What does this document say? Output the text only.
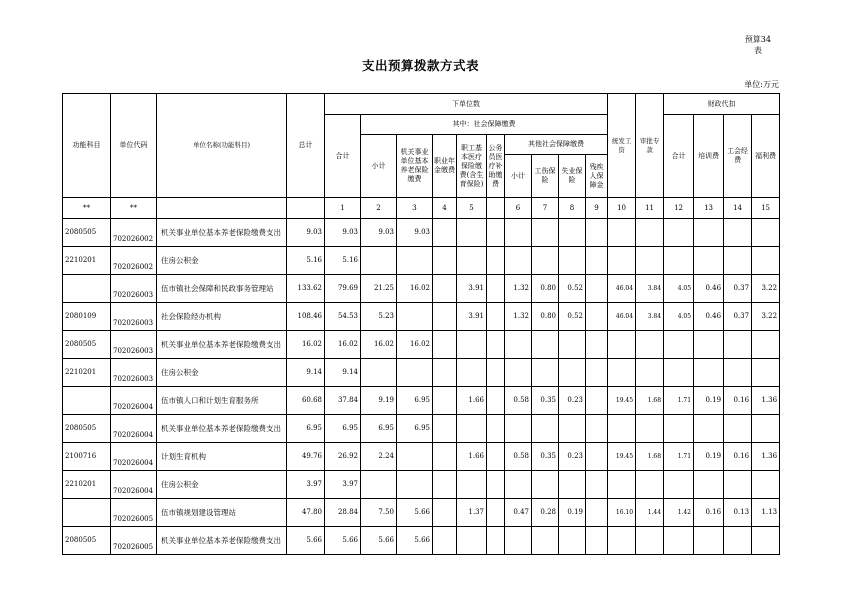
预算34
表
支出预算拨款方式表
单位:万元
功能科目	单位代码	单位名称(功能科目)	总计	下单位数										统发工资	审批专款	财政代扣			
				合计	其中：社会保障缴费											合计	培训费	工会经费	福利费
					小计	机关事业单位基本养老保险缴费	职业年金缴费	职工基本医疗保险缴费(含生育保险)	公务员医疗补助缴费	其他社会保障缴费									
										小计	工伤保险	失业保险	残疾人保障金						
**	**			1	2	3	4	5		6	7	8	9	10	11	12	13	14	15
2080505	702026002	机关事业单位基本养老保险缴费支出	9.03	9.03	9.03	9.03													
2210201	702026002	住房公积金	5.16	5.16															
	702026003	伍市镇社会保障和民政事务管理站	133.62	79.69	21.25	16.02		3.91		1.32	0.80	0.52		46.04	3.84	4.05	0.46	0.37	3.22
2080109	702026003	社会保险经办机构	108.46	54.53	5.23			3.91		1.32	0.80	0.52		46.04	3.84	4.05	0.46	0.37	3.22
2080505	702026003	机关事业单位基本养老保险缴费支出	16.02	16.02	16.02	16.02													
2210201	702026003	住房公积金	9.14	9.14															
	702026004	伍市镇人口和计划生育服务所	60.68	37.84	9.19	6.95		1.66		0.58	0.35	0.23		19.45	1.68	1.71	0.19	0.16	1.36
2080505	702026004	机关事业单位基本养老保险缴费支出	6.95	6.95	6.95	6.95													
2100716	702026004	计划生育机构	49.76	26.92	2.24			1.66		0.58	0.35	0.23		19.45	1.68	1.71	0.19	0.16	1.36
2210201	702026004	住房公积金	3.97	3.97															
	702026005	伍市镇规划建设管理站	47.80	28.84	7.50	5.66		1.37		0.47	0.28	0.19		16.10	1.44	1.42	0.16	0.13	1.13
2080505	702026005	机关事业单位基本养老保险缴费支出	5.66	5.66	5.66	5.66													
